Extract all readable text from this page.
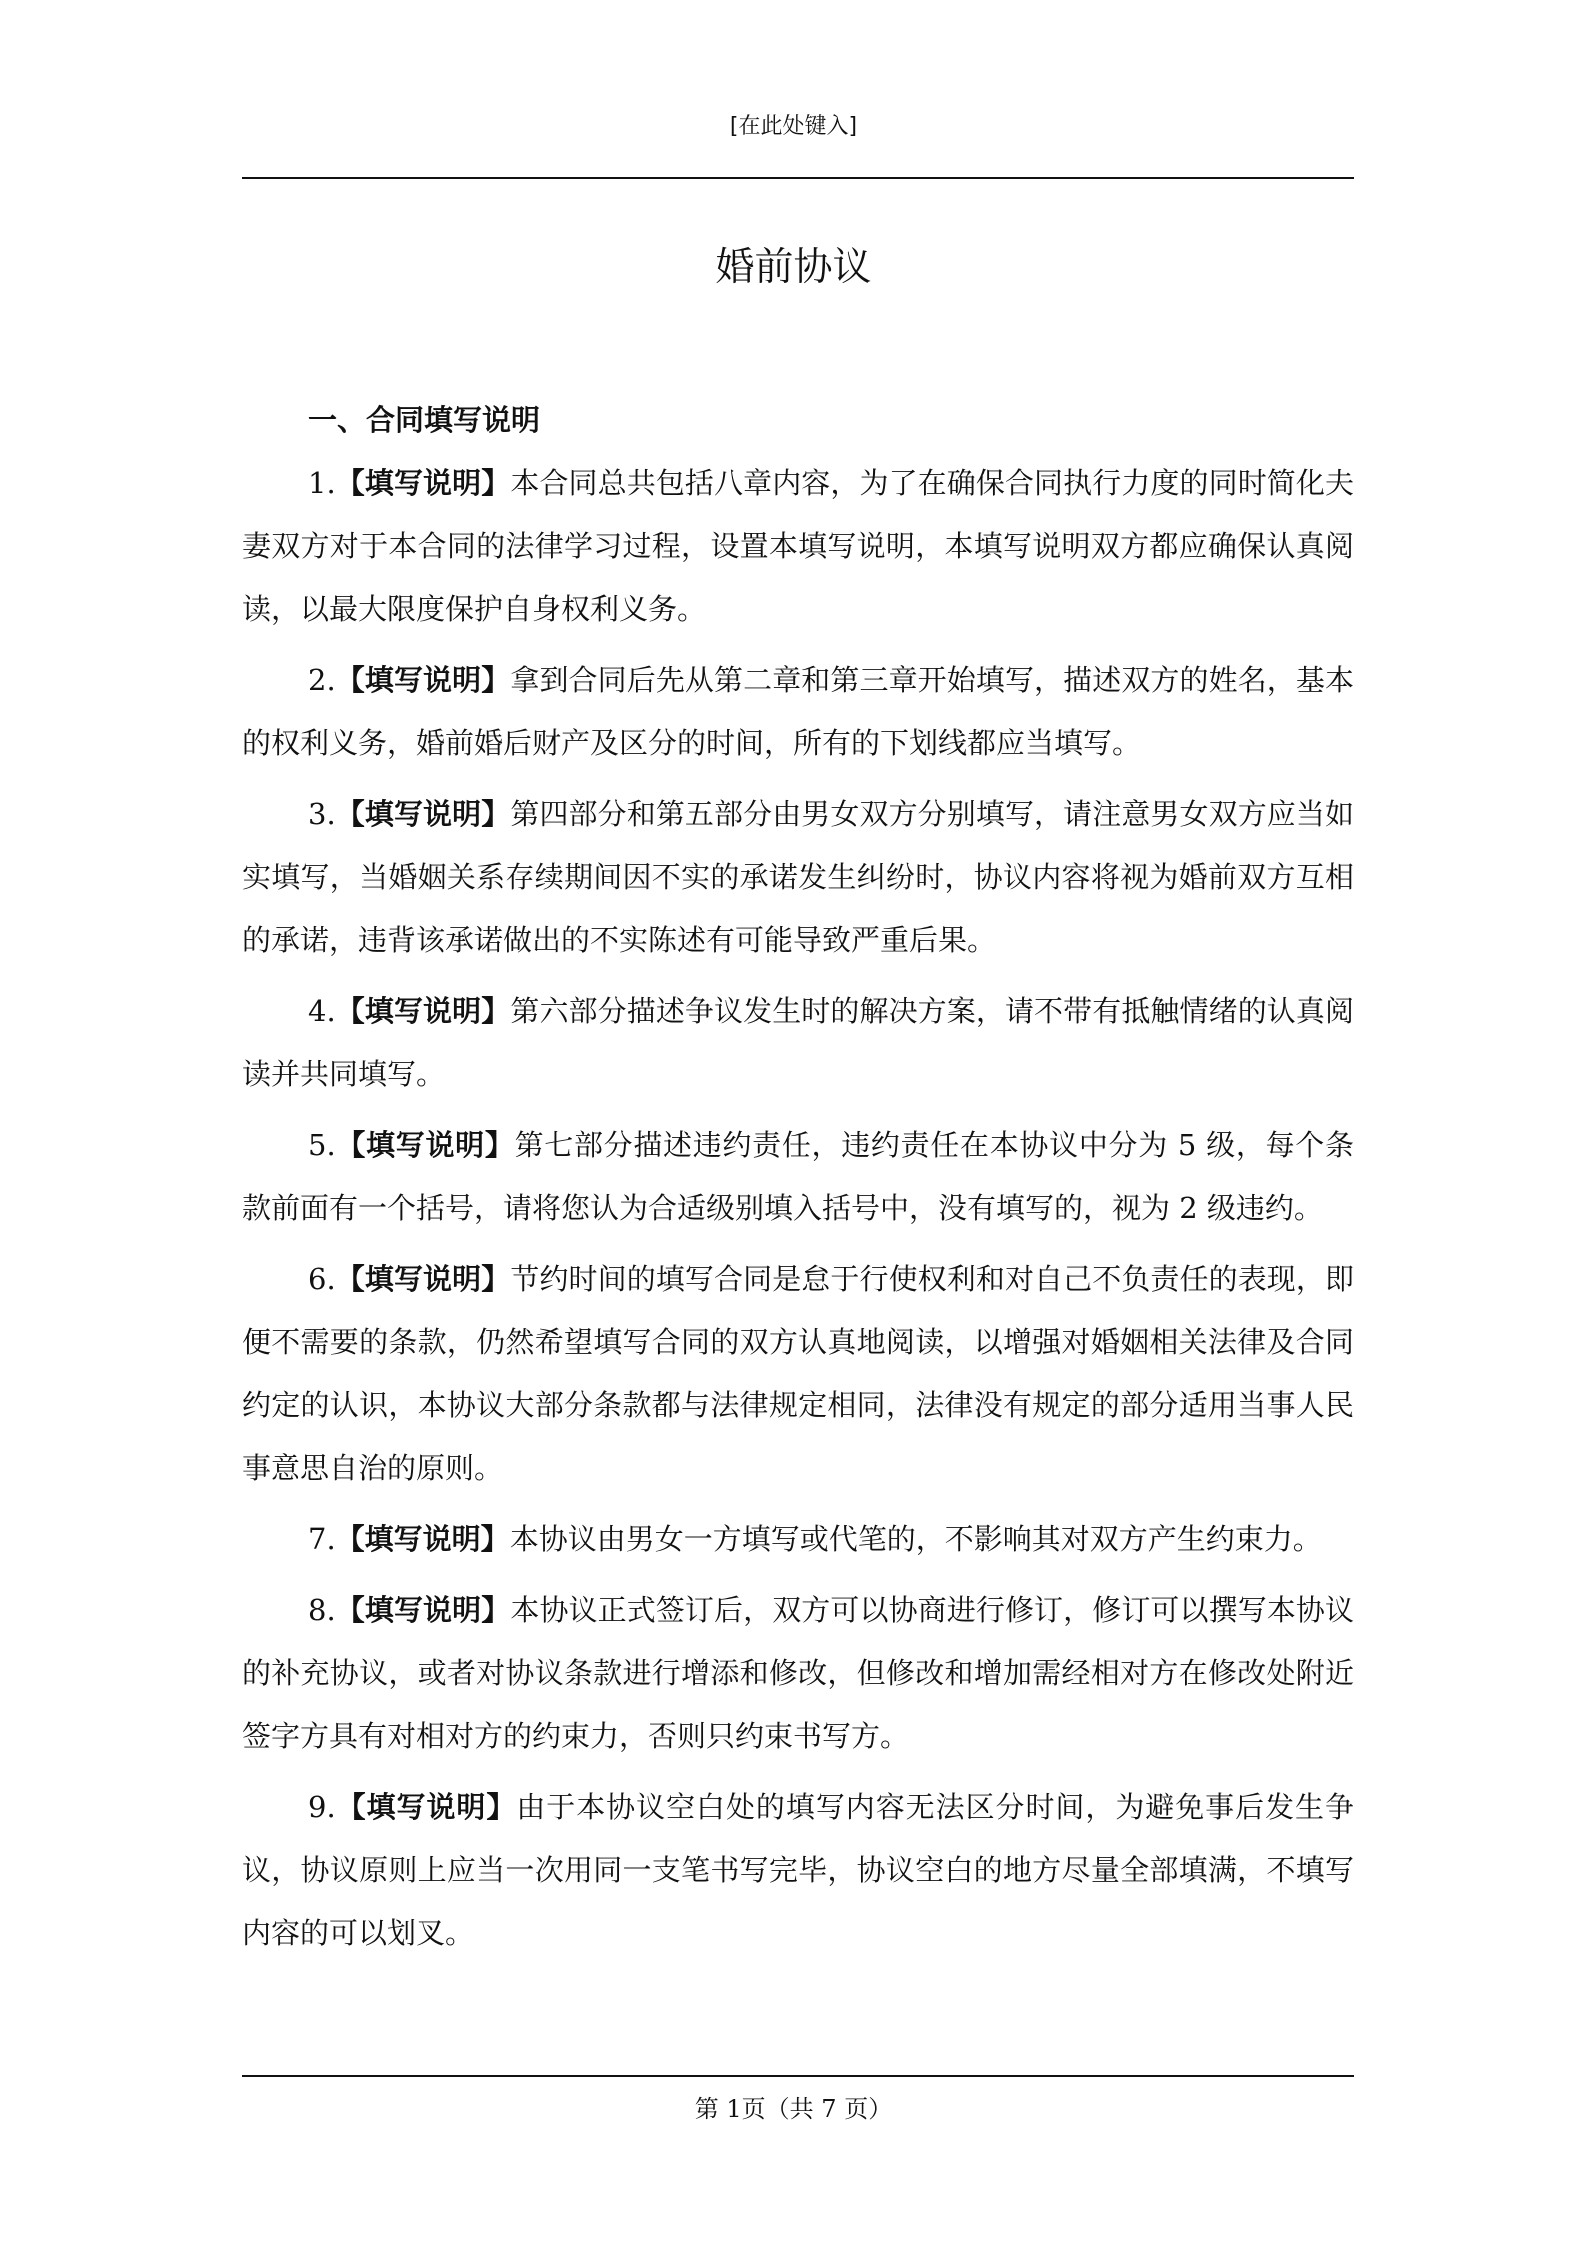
[在此处键入]
婚前协议

一、合同填写说明

1.【填写说明】本合同总共包括八章内容，为了在确保合同执行力度的同时简化夫妻双方对于本合同的法律学习过程，设置本填写说明，本填写说明双方都应确保认真阅读，以最大限度保护自身权利义务。

2.【填写说明】拿到合同后先从第二章和第三章开始填写，描述双方的姓名，基本的权利义务，婚前婚后财产及区分的时间，所有的下划线都应当填写。

3.【填写说明】第四部分和第五部分由男女双方分别填写，请注意男女双方应当如实填写，当婚姻关系存续期间因不实的承诺发生纠纷时，协议内容将视为婚前双方互相的承诺，违背该承诺做出的不实陈述有可能导致严重后果。

4.【填写说明】第六部分描述争议发生时的解决方案，请不带有抵触情绪的认真阅读并共同填写。

5.【填写说明】第七部分描述违约责任，违约责任在本协议中分为 5 级，每个条款前面有一个括号，请将您认为合适级别填入括号中，没有填写的，视为 2 级违约。

6.【填写说明】节约时间的填写合同是怠于行使权利和对自己不负责任的表现，即便不需要的条款，仍然希望填写合同的双方认真地阅读，以增强对婚姻相关法律及合同约定的认识，本协议大部分条款都与法律规定相同，法律没有规定的部分适用当事人民事意思自治的原则。

7.【填写说明】本协议由男女一方填写或代笔的，不影响其对双方产生约束力。

8.【填写说明】本协议正式签订后，双方可以协商进行修订，修订可以撰写本协议的补充协议，或者对协议条款进行增添和修改，但修改和增加需经相对方在修改处附近签字方具有对相对方的约束力，否则只约束书写方。

9.【填写说明】由于本协议空白处的填写内容无法区分时间，为避免事后发生争议，协议原则上应当一次用同一支笔书写完毕，协议空白的地方尽量全部填满，不填写内容的可以划叉。

第 1页（共 7 页）
